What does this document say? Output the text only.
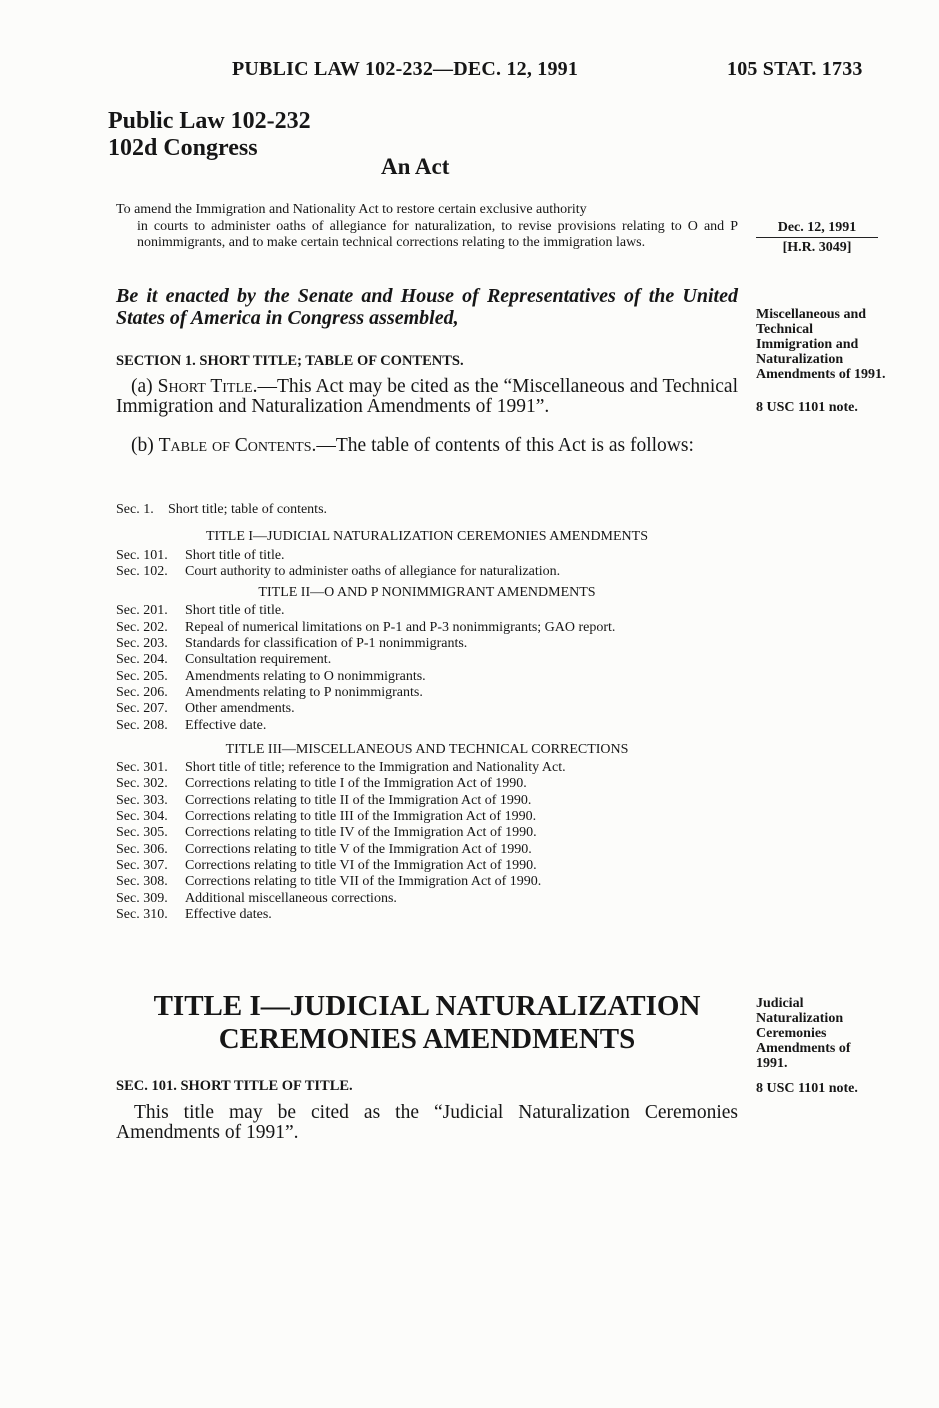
PUBLIC LAW 102-232—DEC. 12, 1991	105 STAT. 1733
Public Law 102-232
102d Congress
An Act
To amend the Immigration and Nationality Act to restore certain exclusive authority
in courts to administer oaths of allegiance for naturalization, to revise provisions relating to O and P nonimmigrants, and to make certain technical corrections relating to the immigration laws.
Dec. 12, 1991
[H.R. 3049]
Be it enacted by the Senate and House of Representatives of the United States of America in Congress assembled,	Miscellaneous and Technical Immigration and Naturalization Amendments of 1991.
8 USC 1101 note.
SECTION 1. SHORT TITLE; TABLE OF CONTENTS.
(a) Short Title.—This Act may be cited as the “Miscellaneous and Technical Immigration and Naturalization Amendments of 1991”.
(b) Table of Contents.—The table of contents of this Act is as follows:
Sec. 1.	Short title; table of contents.
TITLE I—JUDICIAL NATURALIZATION CEREMONIES AMENDMENTS
Sec. 101.	Short title of title.
Sec. 102.	Court authority to administer oaths of allegiance for naturalization.
TITLE II—O AND P NONIMMIGRANT AMENDMENTS
Sec. 201.	Short title of title.
Sec. 202.	Repeal of numerical limitations on P-1 and P-3 nonimmigrants; GAO report.
Sec. 203.	Standards for classification of P-1 nonimmigrants.
Sec. 204.	Consultation requirement.
Sec. 205.	Amendments relating to O nonimmigrants.
Sec. 206.	Amendments relating to P nonimmigrants.
Sec. 207.	Other amendments.
Sec. 208.	Effective date.
TITLE III—MISCELLANEOUS AND TECHNICAL CORRECTIONS
Sec. 301.	Short title of title; reference to the Immigration and Nationality Act.
Sec. 302.	Corrections relating to title I of the Immigration Act of 1990.
Sec. 303.	Corrections relating to title II of the Immigration Act of 1990.
Sec. 304.	Corrections relating to title III of the Immigration Act of 1990.
Sec. 305.	Corrections relating to title IV of the Immigration Act of 1990.
Sec. 306.	Corrections relating to title V of the Immigration Act of 1990.
Sec. 307.	Corrections relating to title VI of the Immigration Act of 1990.
Sec. 308.	Corrections relating to title VII of the Immigration Act of 1990.
Sec. 309.	Additional miscellaneous corrections.
Sec. 310.	Effective dates.
TITLE I—JUDICIAL NATURALIZATION
CEREMONIES AMENDMENTS
Judicial Naturalization Ceremonies Amendments of 1991.
8 USC 1101 note.
SEC. 101. SHORT TITLE OF TITLE.
This title may be cited as the “Judicial Naturalization Ceremonies Amendments of 1991”.
